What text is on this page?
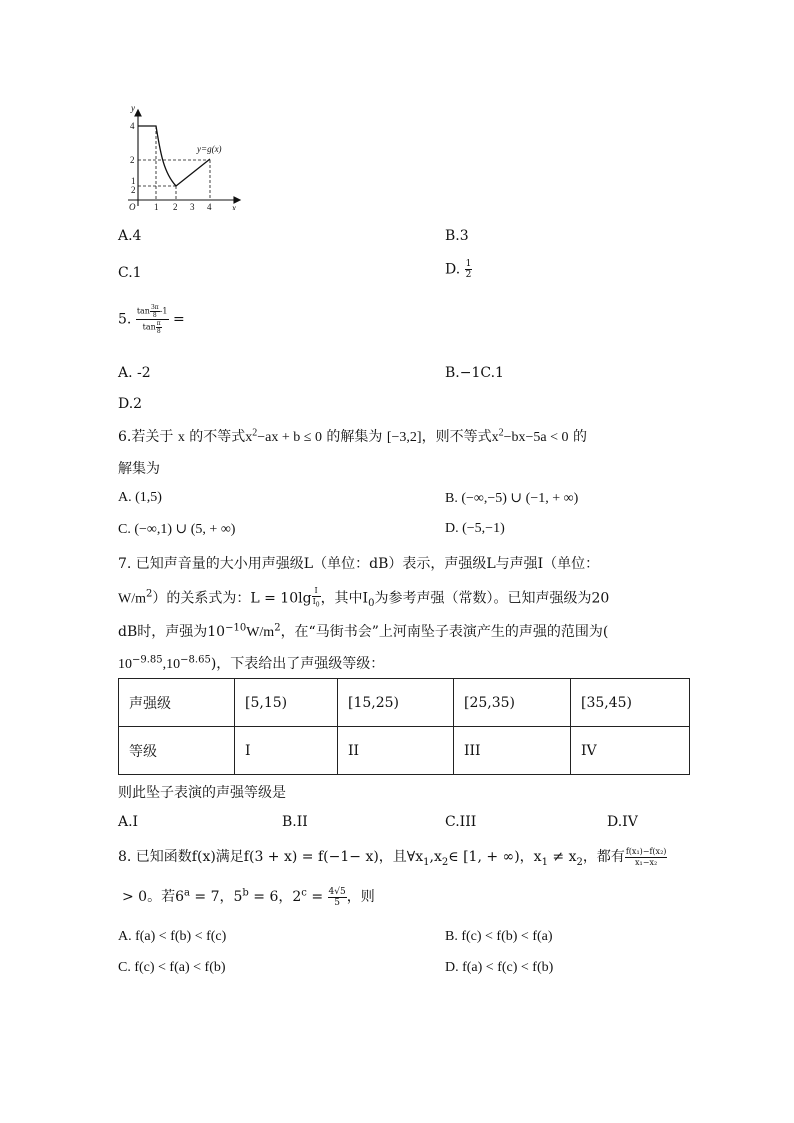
y
x
O
y=g(x)
4
2
1
2
1 2 3 4
A.4	B.3
C.1	D. $\frac{1}{2}$
5. $\frac{\tan \frac{3\pi}{8} -1}{\tan \frac{\pi}{8}}$ =
A. -2	B.−1C.1
D.2
6.若关于 x 的不等式$x^2-ax + b \le 0$ 的解集为 [−3,2]，则不等式$x^2-bx-5a < 0$ 的
解集为
A. (1,5)	B. (−∞,−5) ∪ (−1, + ∞)
C. (−∞,1) ∪ (5, + ∞)	D. (−5,−1)
7. 已知声音量的大小用声强级L（单位：dB）表示，声强级L与声强I（单位：
$W/m^2$）的关系式为：$L = 10\lg \frac{I}{I_0}$ ，其中$I_0$为参考声强（常数）。已知声强级为20
dB时，声强为$10^{-10}W/m^2$，在“马街书会”上河南坠子表演产生的声强的范围为(
$10^{-9.85},10^{-8.65}$)，下表给出了声强级等级：
声强级	[5,15)	[15,25)	[25,35)	[35,45)
等级	I	II	III	IV
则此坠子表演的声强等级是
A.I	B.II	C.III	D.IV
8. 已知函数f(x)满足f(3 + x) = f(−1− x)，且$\forall x_1,x_2\in$ [1, + ∞)，$x_1 \ne x_2$，都有 $\frac{\text{f(x₁)−f(x₂)}}{\text{x₁−x₂}}$
> 0。若$6^a = 7$，$5^b = 6$，$2^c = \frac{4√5}{5}$ ，则
A. f(a) < f(b) < f(c)	B. f(c) < f(b) < f(a)
C. f(c) < f(a) < f(b)	D. f(a) < f(c) < f(b)
